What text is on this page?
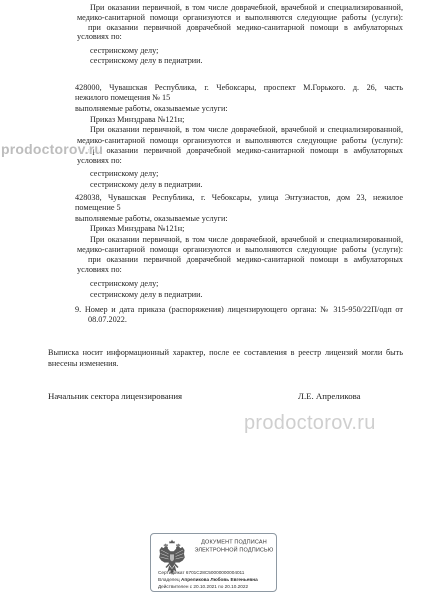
При оказании первичной, в том числе доврачебной, врачебной и специализированной,
медико-санитарной помощи организуются и выполняются следующие работы (услуги):
при оказании первичной доврачебной медико-санитарной помощи в амбулаторных
условиях по:
сестринскому делу;
сестринскому делу в педиатрии.
428000, Чувашская Республика, г. Чебоксары, проспект М.Горького. д. 26, часть
нежилого помещения № 15
выполняемые работы, оказываемые услуги:
Приказ Минздрава №121н;
При оказании первичной, в том числе доврачебной, врачебной и специализированной,
медико-санитарной помощи организуются и выполняются следующие работы (услуги):
при оказании первичной доврачебной медико-санитарной помощи в амбулаторных
условиях по:
сестринскому делу;
сестринскому делу в педиатрии.
428038, Чувашская Республика, г. Чебоксары, улица Энтузиастов, дом 23, нежилое
помещение 5
выполняемые работы, оказываемые услуги:
Приказ Минздрава №121н;
При оказании первичной, в том числе доврачебной, врачебной и специализированной,
медико-санитарной помощи организуются и выполняются следующие работы (услуги):
при оказании первичной доврачебной медико-санитарной помощи в амбулаторных
условиях по:
сестринскому делу;
сестринскому делу в педиатрии.
9. Номер и дата приказа (распоряжения) лицензирующего органа: № 315-950/22П/одп от
08.07.2022.
Выписка носит информационный характер, после ее составления в реестр лицензий могли быть
внесены изменения.
Начальник сектора лицензирования	Л.Е. Апреликова
prodoctorov.ru
prodoctorov.ru
ДОКУМЕНТ ПОДПИСАН
ЭЛЕКТРОННОЙ ПОДПИСЬЮ
Сертификат 6701C28C50000000004011
Владелец Апреликова Любовь Евгеньевна
Действителен с 20.10.2021 по 20.10.2022
